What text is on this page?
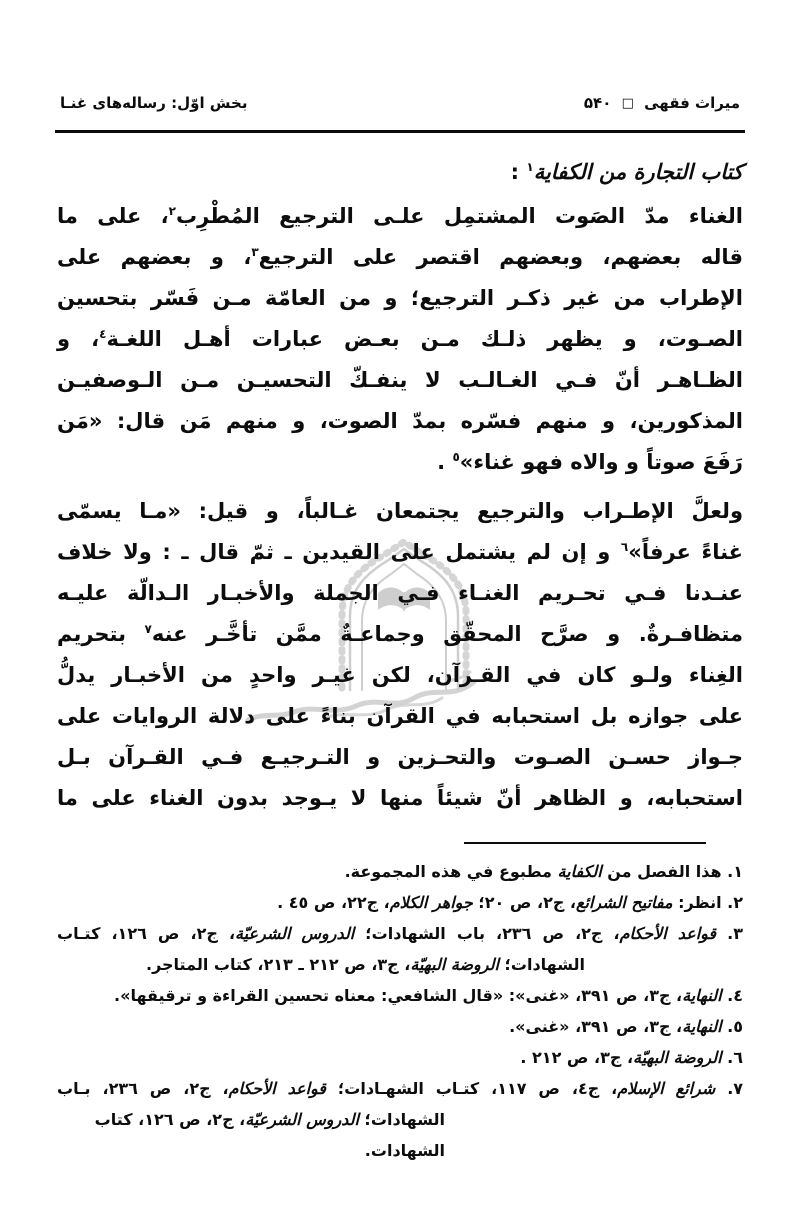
بخش اوّل: رساله‌های غنـا	ميراث فقهى □ ۵۴۰
كتاب التجارة من الكفاية$^١$ :
الغناء مدّ الصَوت المشتمِل علـى الترجيع المُطْرِب$^٢$، على ما
قاله بعضهم، وبعضهم اقتصر على الترجيع$^٣$، و بعضهم على
الإطراب من غير ذكـر الترجيع؛ و من العامّة مـن فَسّر بتحسين
الصـوت، و يظهر ذلـك مـن بعـض عبارات أهـل اللغـة$^٤$، و
الظـاهـر أنّ فـي الغـالـب لا ينفـكّ التحسيـن مـن الـوصفيـن
المذكورين، و منهم فسّره بمدّ الصوت، و منهم مَن قال: «مَن
رَفَعَ صوتاً و والاه فهو غناء»$^٥$ .
ولعلَّ الإطـراب والترجيع يجتمعان غـالباً، و قيل: «مـا يسمّى
غناءً عرفاً»$^٦$ و إن لم يشتمل على القيدين ـ ثمّ قال ـ : ولا خلاف
عنـدنا فـي تحـريم الغنـاء فـي الجملة والأخبـار الـدالّة عليـه
متظافـرةٌ. و صرَّح المحقّق وجماعـةٌ ممَّن تأخَّـر عنه$^٧$ بتحريم
الغِناء ولـو كان في القـرآن، لكن غيـر واحدٍ من الأخبـار يدلُّ
على جوازه بل استحبابه في القرآن بناءً على دلالة الروايات على
جـواز حسـن الصـوت والتحـزين و التـرجيـع فـي القـرآن بـل
استحبابه، و الظاهر أنّ شيئاً منها لا يـوجد بدون الغناء على ما
١. هذا الفصل من الكفاية مطبوع في هذه المجموعة.
٢. انظر: مفاتيح الشرائع، ج٢، ص ٢٠؛ جواهر الكلام، ج٢٢، ص ٤٥ .
٣. قواعد الأحكام، ج٢، ص ٢٣٦، باب الشهادات؛ الدروس الشرعيّة، ج٢، ص ١٢٦، كتـاب
الشهادات؛ الروضة البهيّة، ج٣، ص ٢١٢ ـ ٢١٣، كتاب المتاجر.
٤. النهاية، ج٣، ص ٣٩١، «غنى»: «قال الشافعي: معناه تحسين القراءة و ترقيقها».
٥. النهاية، ج٣، ص ٣٩١، «غنى».
٦. الروضة البهيّة، ج٣، ص ٢١٢ .
٧. شرائع الإسلام، ج٤، ص ١١٧، كتـاب الشهـادات؛ قواعد الأحكام، ج٢، ص ٢٣٦، بـاب
الشهادات؛ الدروس الشرعيّة، ج٢، ص ١٢٦، كتاب الشهادات.
